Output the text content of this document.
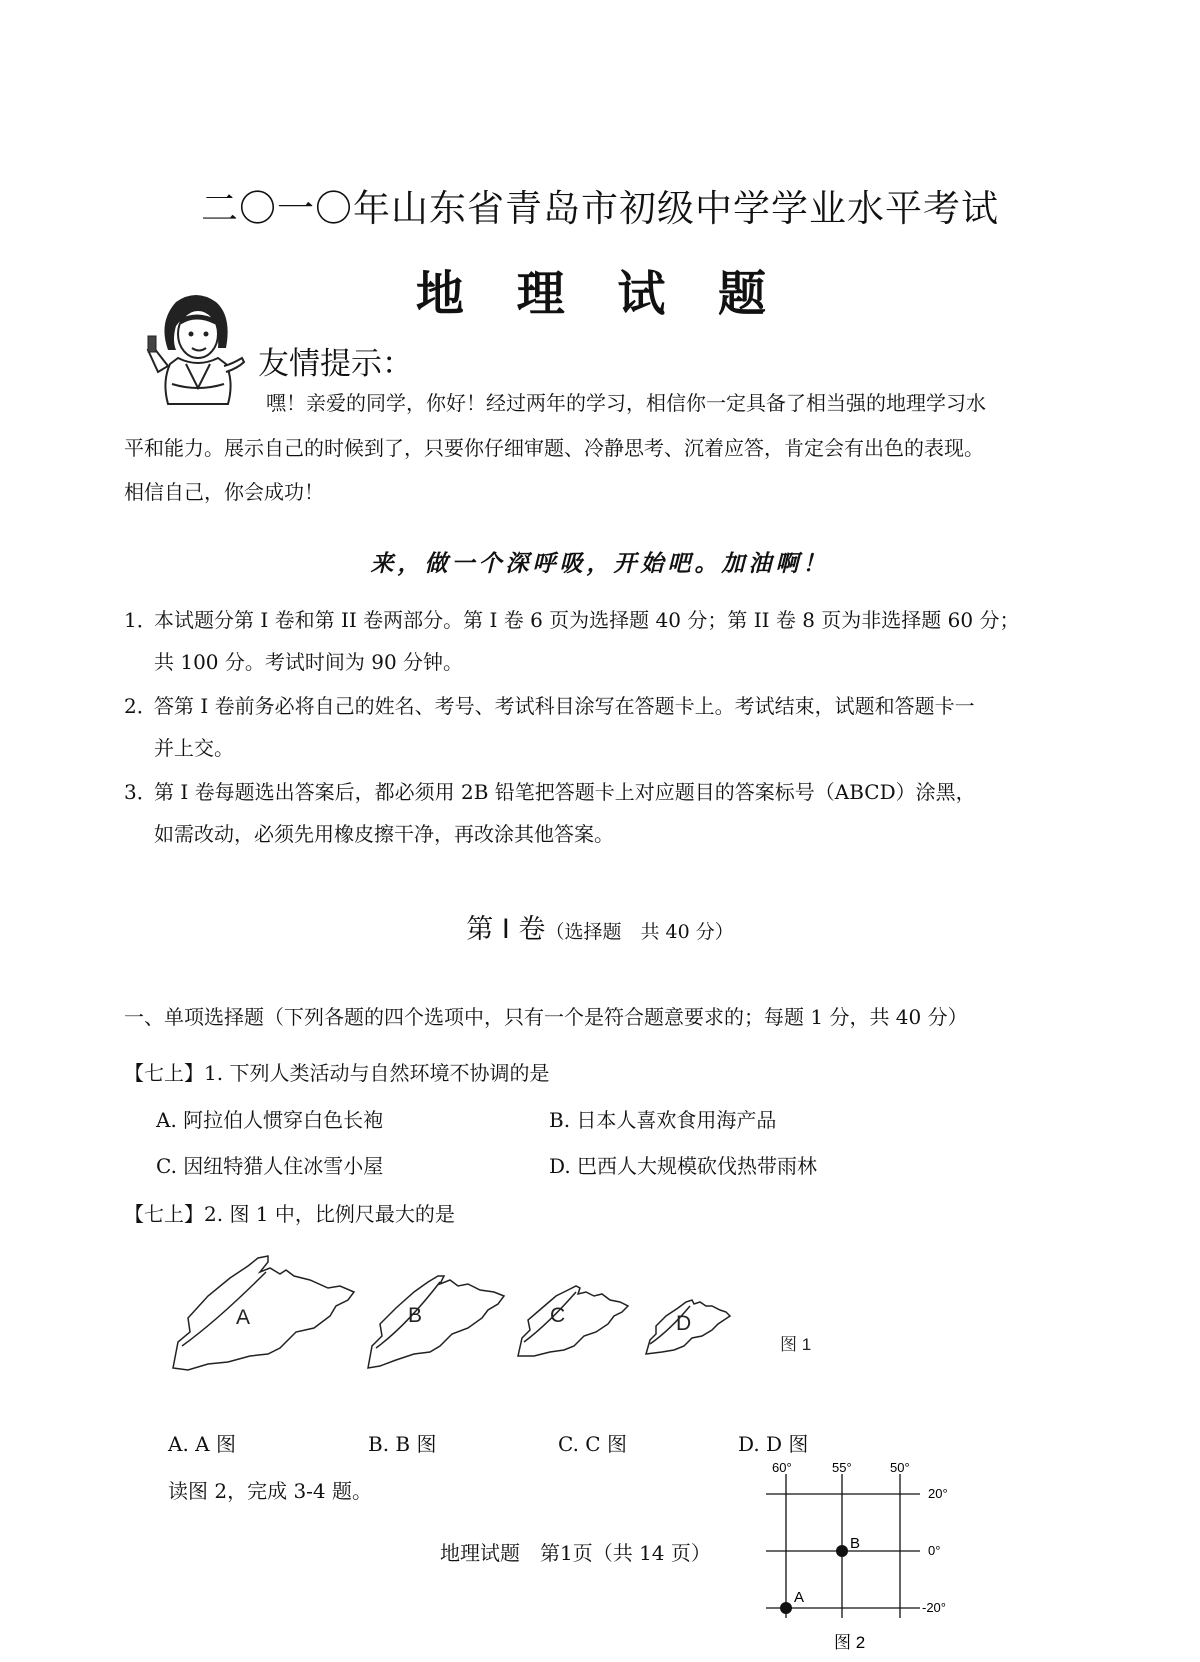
二〇一〇年山东省青岛市初级中学学业水平考试
地 理 试 题
友情提示：
嘿！亲爱的同学，你好！经过两年的学习，相信你一定具备了相当强的地理学习水
平和能力。展示自己的时候到了，只要你仔细审题、冷静思考、沉着应答，肯定会有出色的表现。
相信自己，你会成功！
来，做一个深呼吸，开始吧。加油啊！
1．
本试题分第 I 卷和第 II 卷两部分。第 I 卷 6 页为选择题 40 分；第 II 卷 8 页为非选择题 60 分；
共 100 分。考试时间为 90 分钟。
2．
答第 I 卷前务必将自己的姓名、考号、考试科目涂写在答题卡上。考试结束，试题和答题卡一
并上交。
3．
第 I 卷每题选出答案后，都必须用 2B 铅笔把答题卡上对应题目的答案标号（ABCD）涂黑，
如需改动，必须先用橡皮擦干净，再改涂其他答案。
第 I 卷（选择题　共 40 分）
一、单项选择题（下列各题的四个选项中，只有一个是符合题意要求的；每题 1 分，共 40 分）
【七上】1. 下列人类活动与自然环境不协调的是
A. 阿拉伯人惯穿白色长袍	B. 日本人喜欢食用海产品
C. 因纽特猎人住冰雪小屋	D. 巴西人大规模砍伐热带雨林
【七上】2. 图 1 中，比例尺最大的是
A	B	C	D
图 1
A. A 图	B. B 图	C. C 图	D. D 图
读图 2，完成 3-4 题。
60°	55°	50°
20°
0°
-20°
A
B
图 2
地理试题　第1页（共 14 页）
